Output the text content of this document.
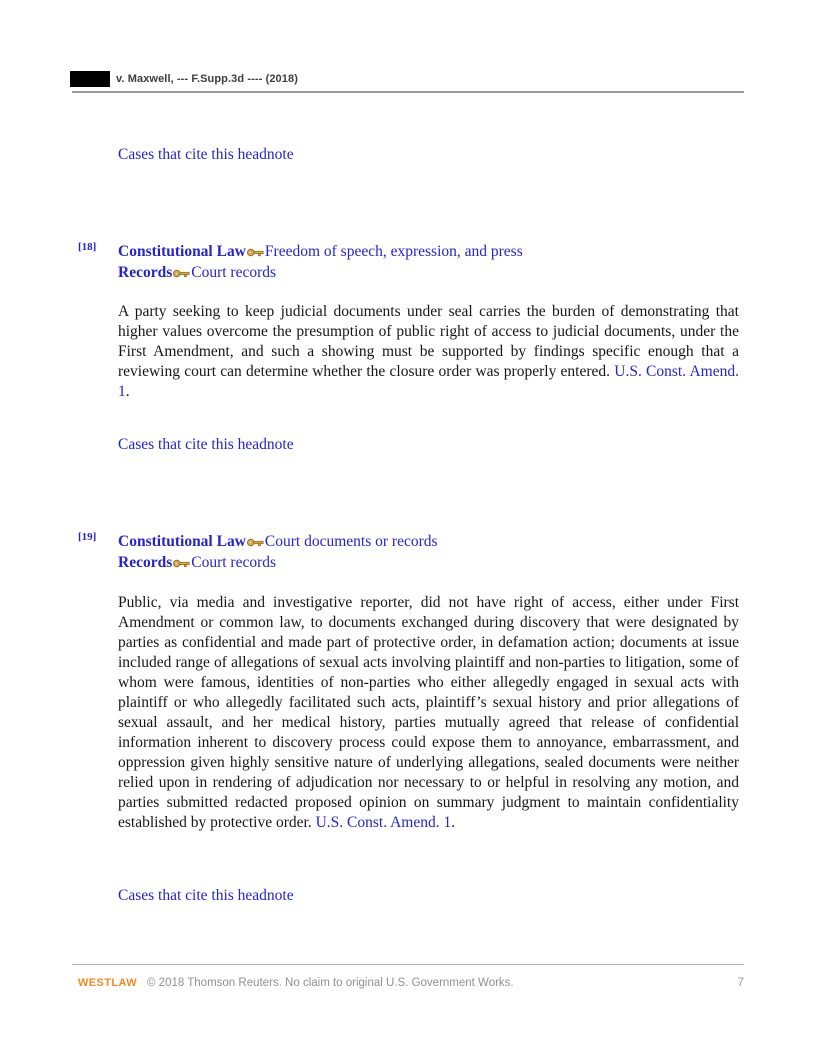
v. Maxwell, --- F.Supp.3d ---- (2018)
Cases that cite this headnote
[18] Constitutional Law Freedom of speech, expression, and press
Records Court records

A party seeking to keep judicial documents under seal carries the burden of demonstrating that higher values overcome the presumption of public right of access to judicial documents, under the First Amendment, and such a showing must be supported by findings specific enough that a reviewing court can determine whether the closure order was properly entered. U.S. Const. Amend. 1.

Cases that cite this headnote
[19] Constitutional Law Court documents or records
Records Court records

Public, via media and investigative reporter, did not have right of access, either under First Amendment or common law, to documents exchanged during discovery that were designated by parties as confidential and made part of protective order, in defamation action; documents at issue included range of allegations of sexual acts involving plaintiff and non-parties to litigation, some of whom were famous, identities of non-parties who either allegedly engaged in sexual acts with plaintiff or who allegedly facilitated such acts, plaintiff’s sexual history and prior allegations of sexual assault, and her medical history, parties mutually agreed that release of confidential information inherent to discovery process could expose them to annoyance, embarrassment, and oppression given highly sensitive nature of underlying allegations, sealed documents were neither relied upon in rendering of adjudication nor necessary to or helpful in resolving any motion, and parties submitted redacted proposed opinion on summary judgment to maintain confidentiality established by protective order. U.S. Const. Amend. 1.

Cases that cite this headnote
WESTLAW © 2018 Thomson Reuters. No claim to original U.S. Government Works.	7
